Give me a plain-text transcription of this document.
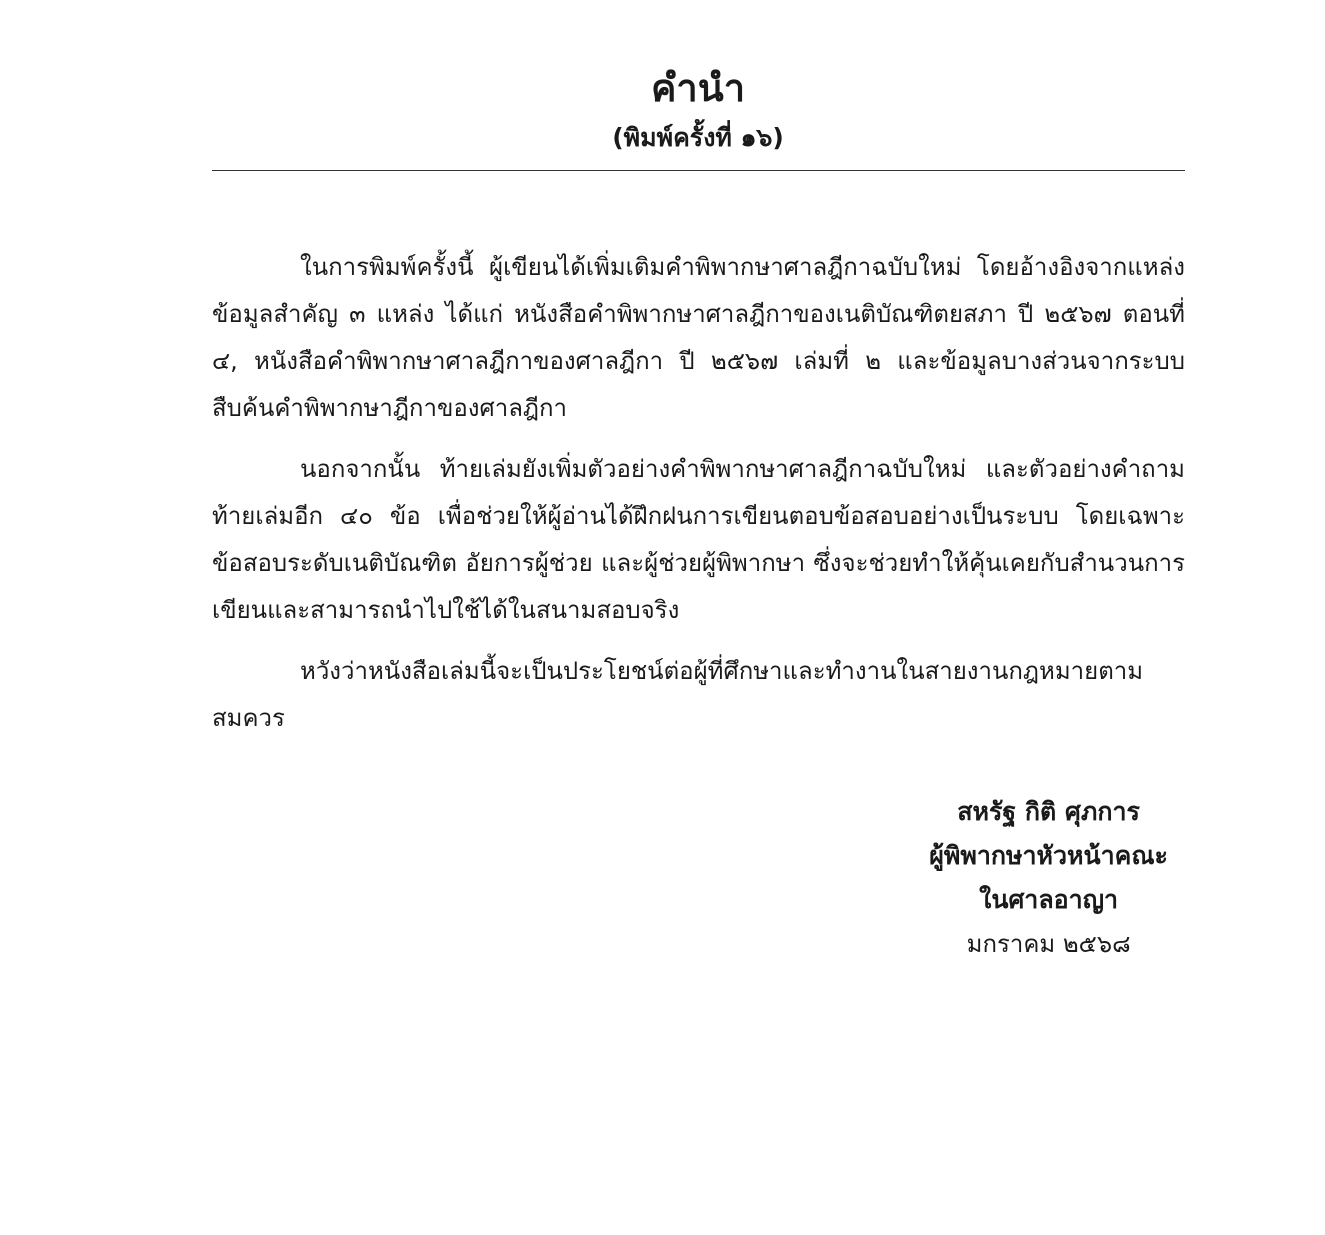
คำนำ
(พิมพ์ครั้งที่ ๑๖)

ในการพิมพ์ครั้งนี้ ผู้เขียนได้เพิ่มเติมคำพิพากษาศาลฎีกาฉบับใหม่ โดยอ้างอิงจากแหล่งข้อมูลสำคัญ ๓ แหล่ง ได้แก่ หนังสือคำพิพากษาศาลฎีกาของเนติบัณฑิตยสภา ปี ๒๕๖๗ ตอนที่ ๔, หนังสือคำพิพากษาศาลฎีกาของศาลฎีกา ปี ๒๕๖๗ เล่มที่ ๒ และข้อมูลบางส่วนจากระบบสืบค้นคำพิพากษาฎีกาของศาลฎีกา

นอกจากนั้น ท้ายเล่มยังเพิ่มตัวอย่างคำพิพากษาศาลฎีกาฉบับใหม่ และตัวอย่างคำถามท้ายเล่มอีก ๔๐ ข้อ เพื่อช่วยให้ผู้อ่านได้ฝึกฝนการเขียนตอบข้อสอบอย่างเป็นระบบ โดยเฉพาะข้อสอบระดับเนติบัณฑิต อัยการผู้ช่วย และผู้ช่วยผู้พิพากษา ซึ่งจะช่วยทำให้คุ้นเคยกับสำนวนการเขียนและสามารถนำไปใช้ได้ในสนามสอบจริง

หวังว่าหนังสือเล่มนี้จะเป็นประโยชน์ต่อผู้ที่ศึกษาและทำงานในสายงานกฎหมายตามสมควร

สหรัฐ กิติ ศุภการ
ผู้พิพากษาหัวหน้าคณะ
ในศาลอาญา
มกราคม ๒๕๖๘
